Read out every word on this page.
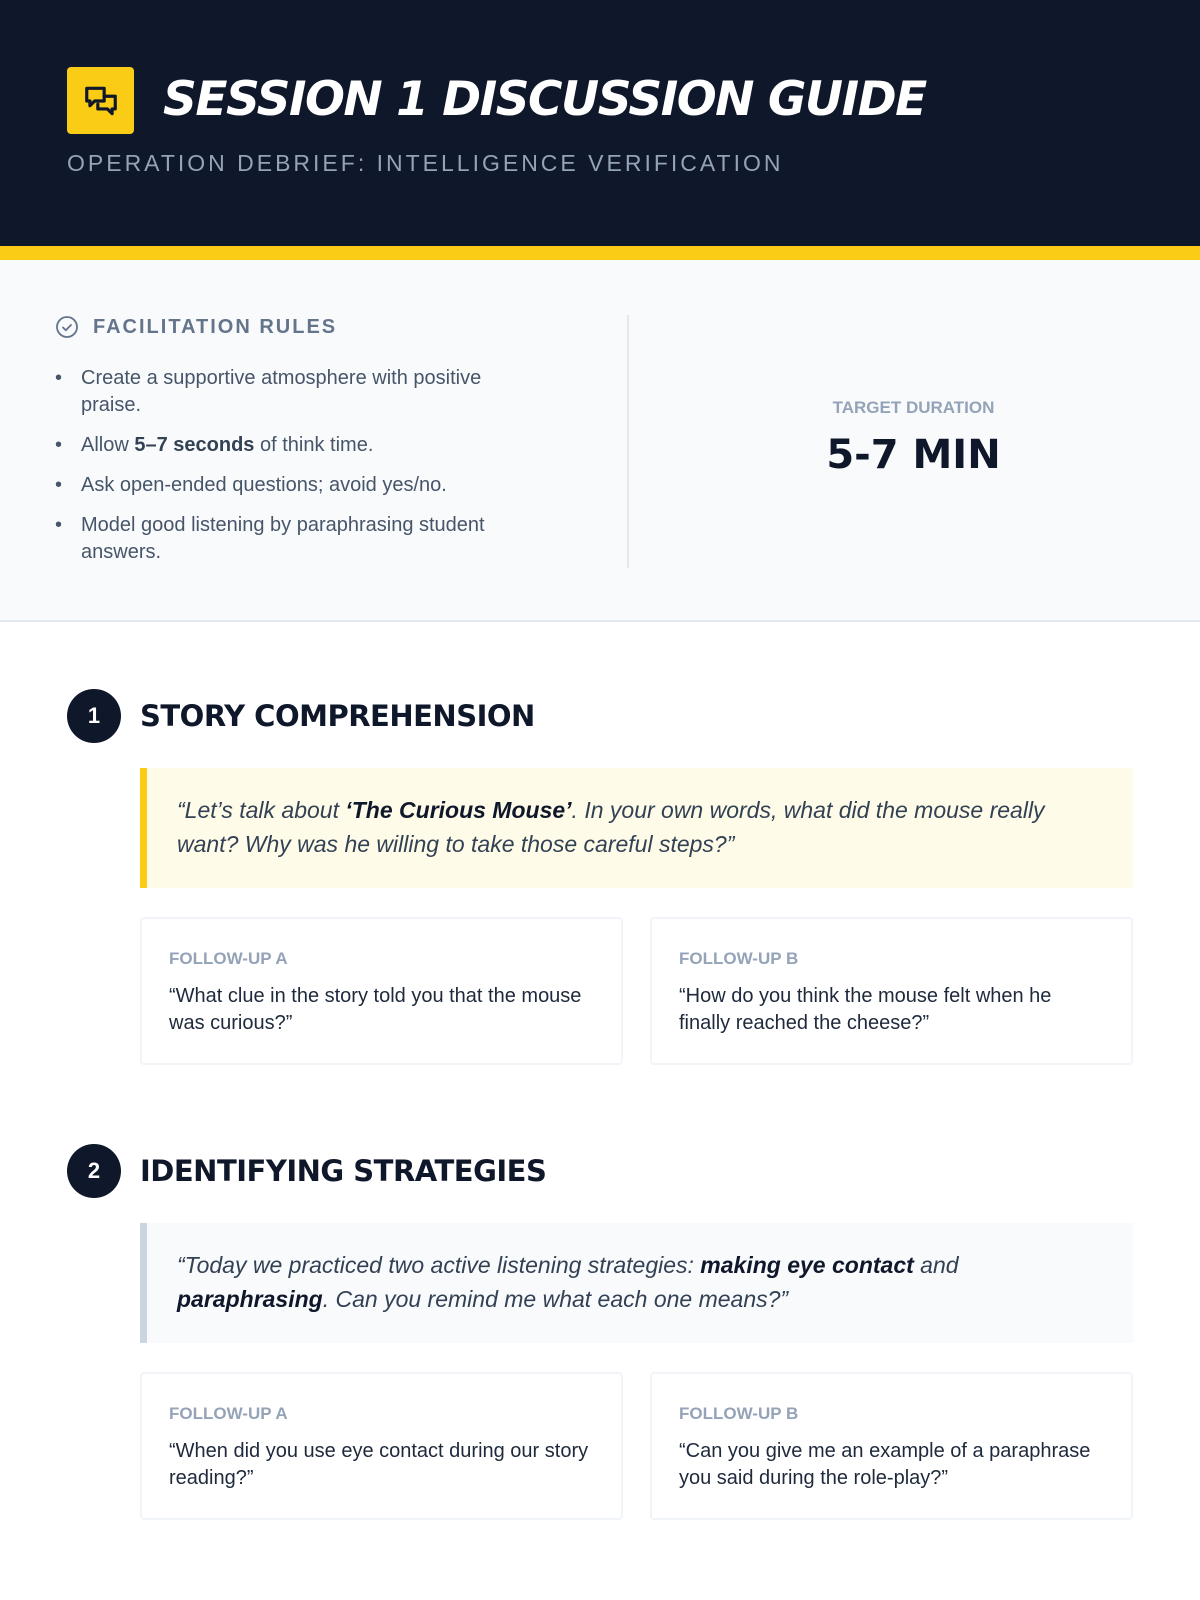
SESSION 1 DISCUSSION GUIDE
OPERATION DEBRIEF: INTELLIGENCE VERIFICATION
FACILITATION RULES
• Create a supportive atmosphere with positive praise.
• Allow 5–7 seconds of think time.
• Ask open-ended questions; avoid yes/no.
• Model good listening by paraphrasing student answers.
TARGET DURATION
5-7 MIN
1	STORY COMPREHENSION
“Let’s talk about ‘The Curious Mouse’. In your own words, what did the mouse really want? Why was he willing to take those careful steps?”
FOLLOW-UP A
“What clue in the story told you that the mouse was curious?”
FOLLOW-UP B
“How do you think the mouse felt when he finally reached the cheese?”
2	IDENTIFYING STRATEGIES
“Today we practiced two active listening strategies: making eye contact and paraphrasing. Can you remind me what each one means?”
FOLLOW-UP A
“When did you use eye contact during our story reading?”
FOLLOW-UP B
“Can you give me an example of a paraphrase you said during the role-play?”
